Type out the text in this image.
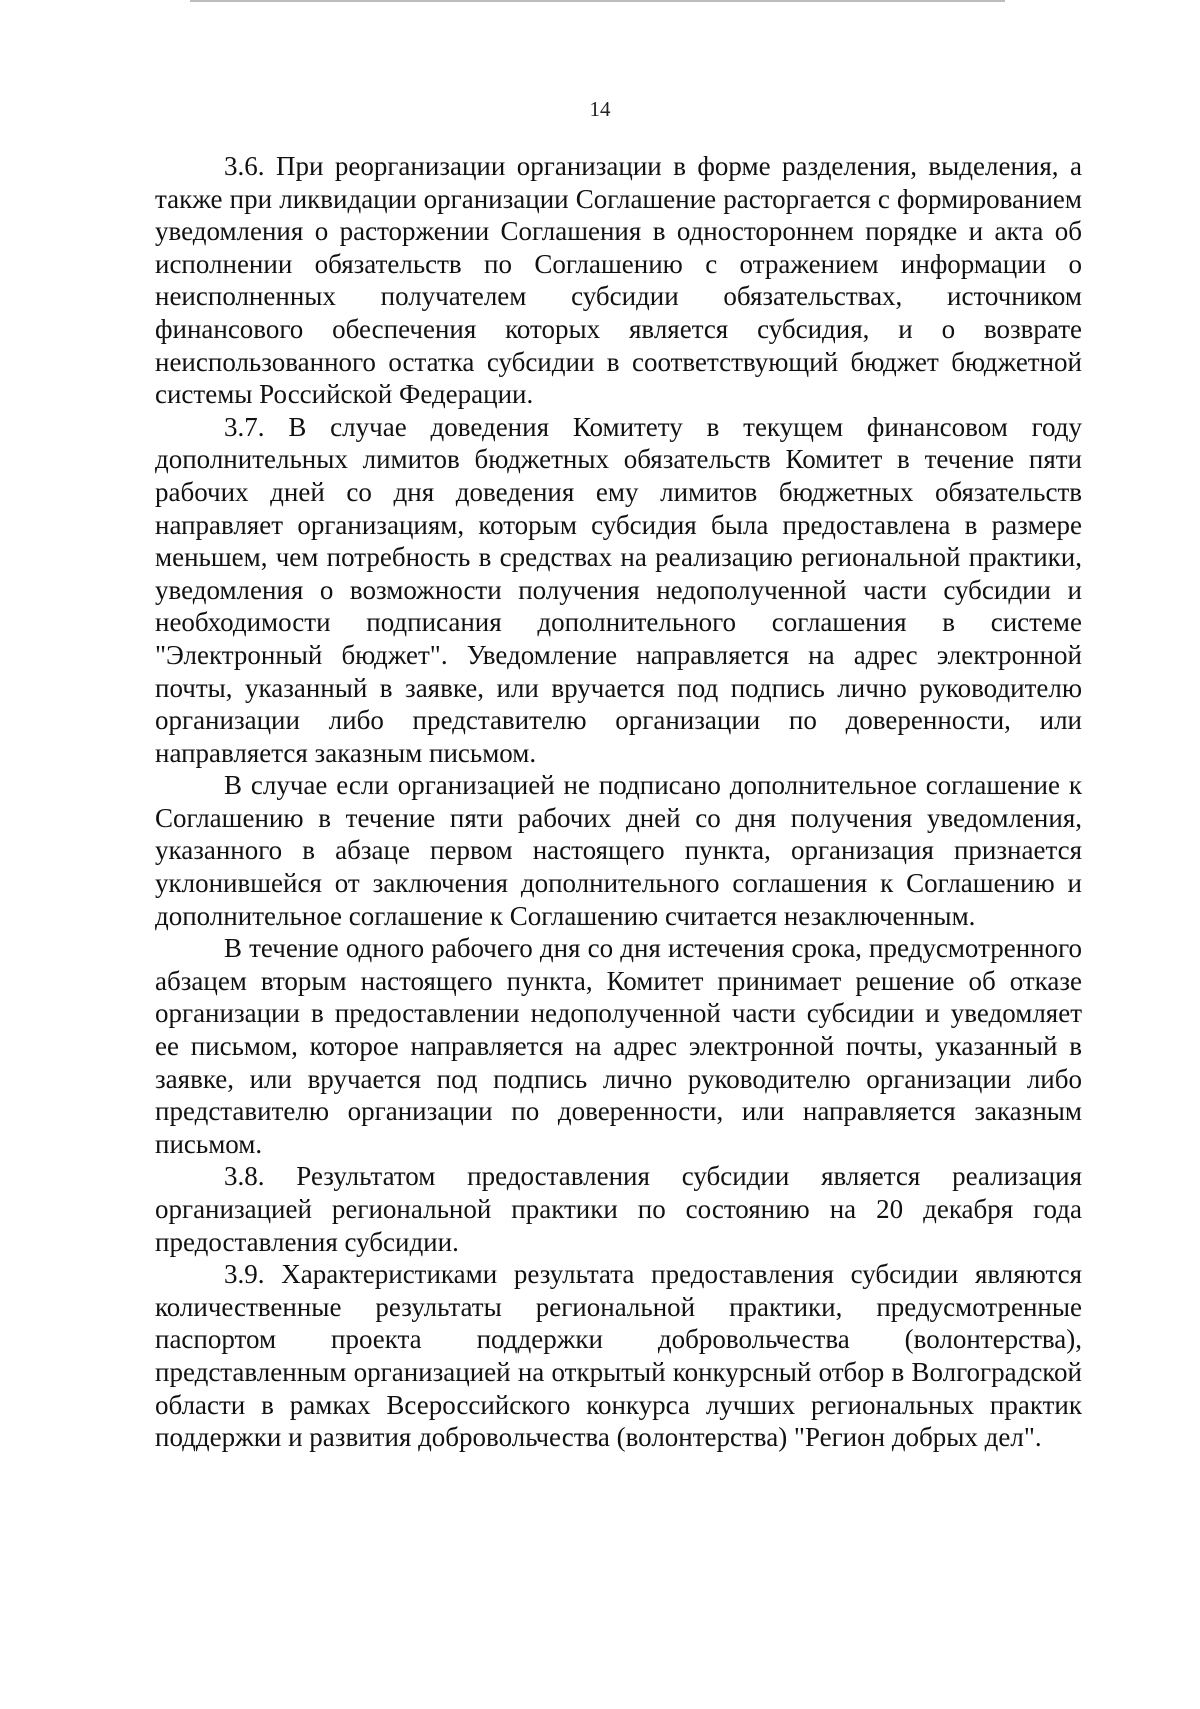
14

3.6. При реорганизации организации в форме разделения, выделения, а также при ликвидации организации Соглашение расторгается с формированием уведомления о расторжении Соглашения в одностороннем порядке и акта об исполнении обязательств по Соглашению с отражением информации о неисполненных получателем субсидии обязательствах, источником финансового обеспечения которых является субсидия, и о возврате неиспользованного остатка субсидии в соответствующий бюджет бюджетной системы Российской Федерации.

3.7. В случае доведения Комитету в текущем финансовом году дополнительных лимитов бюджетных обязательств Комитет в течение пяти рабочих дней со дня доведения ему лимитов бюджетных обязательств направляет организациям, которым субсидия была предоставлена в размере меньшем, чем потребность в средствах на реализацию региональной практики, уведомления о возможности получения недополученной части субсидии и необходимости подписания дополнительного соглашения в системе "Электронный бюджет". Уведомление направляется на адрес электронной почты, указанный в заявке, или вручается под подпись лично руководителю организации либо представителю организации по доверенности, или направляется заказным письмом.

В случае если организацией не подписано дополнительное соглашение к Соглашению в течение пяти рабочих дней со дня получения уведомления, указанного в абзаце первом настоящего пункта, организация признается уклонившейся от заключения дополнительного соглашения к Соглашению и дополнительное соглашение к Соглашению считается незаключенным.

В течение одного рабочего дня со дня истечения срока, предусмотренного абзацем вторым настоящего пункта, Комитет принимает решение об отказе организации в предоставлении недополученной части субсидии и уведомляет ее письмом, которое направляется на адрес электронной почты, указанный в заявке, или вручается под подпись лично руководителю организации либо представителю организации по доверенности, или направляется заказным письмом.

3.8. Результатом предоставления субсидии является реализация организацией региональной практики по состоянию на 20 декабря года предоставления субсидии.

3.9. Характеристиками результата предоставления субсидии являются количественные результаты региональной практики, предусмотренные паспортом проекта поддержки добровольчества (волонтерства), представленным организацией на открытый конкурсный отбор в Волгоградской области в рамках Всероссийского конкурса лучших региональных практик поддержки и развития добровольчества (волонтерства) "Регион добрых дел".
